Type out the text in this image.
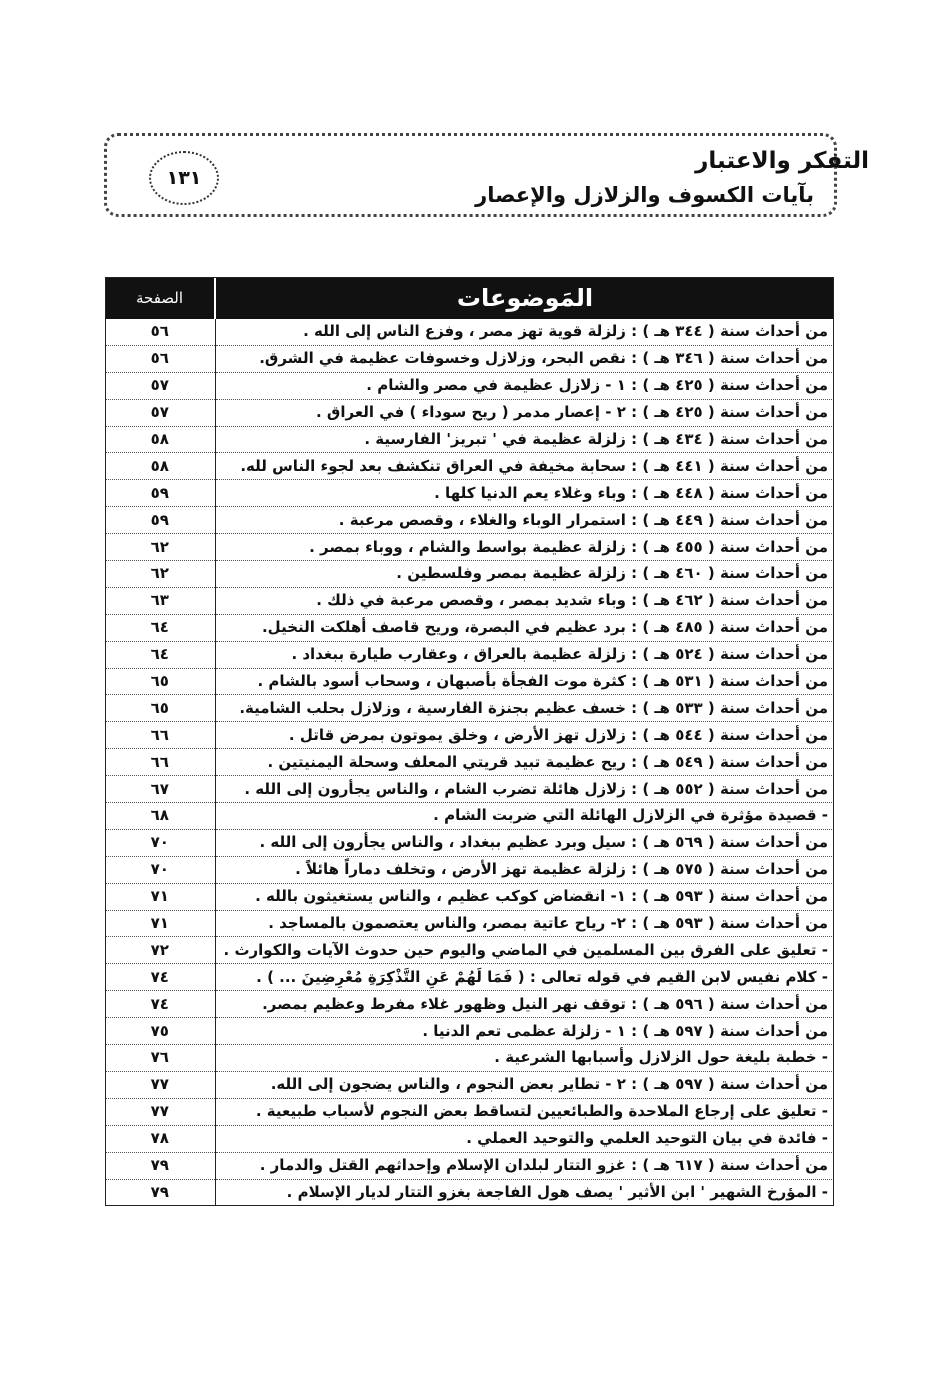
التفكر والاعتبار
بآيات الكسوف والزلازل والإعصار
١٣١
المَوضوعات	الصفحة
من أحداث سنة ( ٣٤٤ هـ ) : زلزلة قوية تهز مصر ، وفزع الناس إلى الله .	٥٦
من أحداث سنة ( ٣٤٦ هـ ) : نقص البحر، وزلازل وخسوفات عظيمة في الشرق.	٥٦
من أحداث سنة ( ٤٢٥ هـ ) : ١ - زلازل عظيمة في مصر والشام .	٥٧
من أحداث سنة ( ٤٢٥ هـ ) : ٢ - إعصار مدمر ( ريح سوداء ) في العراق .	٥٧
من أحداث سنة ( ٤٣٤ هـ ) : زلزلة عظيمة في ' تبريز' الفارسية .	٥٨
من أحداث سنة ( ٤٤١ هـ ) : سحابة مخيفة في العراق تنكشف بعد لجوء الناس لله.	٥٨
من أحداث سنة ( ٤٤٨ هـ ) : وباء وغلاء يعم الدنيا كلها .	٥٩
من أحداث سنة ( ٤٤٩ هـ ) : استمرار الوباء والغلاء ، وقصص مرعبة .	٥٩
من أحداث سنة ( ٤٥٥ هـ ) : زلزلة عظيمة بواسط والشام ، ووباء بمصر .	٦٢
من أحداث سنة ( ٤٦٠ هـ ) : زلزلة عظيمة بمصر وفلسطين .	٦٢
من أحداث سنة ( ٤٦٢ هـ ) : وباء شديد بمصر ، وقصص مرعبة في ذلك .	٦٣
من أحداث سنة ( ٤٨٥ هـ ) : برد عظيم في البصرة، وريح قاصف أهلكت النخيل.	٦٤
من أحداث سنة ( ٥٢٤ هـ ) : زلزلة عظيمة بالعراق ، وعقارب طيارة ببغداد .	٦٤
من أحداث سنة ( ٥٣١ هـ ) : كثرة موت الفجأة بأصبهان ، وسحاب أسود بالشام .	٦٥
من أحداث سنة ( ٥٣٣ هـ ) : خسف عظيم بجنزة الفارسية ، وزلازل بحلب الشامية.	٦٥
من أحداث سنة ( ٥٤٤ هـ ) : زلازل تهز الأرض ، وخلق يموتون بمرض قاتل .	٦٦
من أحداث سنة ( ٥٤٩ هـ ) : ريح عظيمة تبيد قريتي المعلف وسحلة اليمنيتين .	٦٦
من أحداث سنة ( ٥٥٢ هـ ) : زلازل هائلة تضرب الشام ، والناس يجأرون إلى الله .	٦٧
- قصيدة مؤثرة في الزلازل الهائلة التي ضربت الشام .	٦٨
من أحداث سنة ( ٥٦٩ هـ ) : سيل وبرد عظيم ببغداد ، والناس يجأرون إلى الله .	٧٠
من أحداث سنة ( ٥٧٥ هـ ) : زلزلة عظيمة تهز الأرض ، وتخلف دماراً هائلاً .	٧٠
من أحداث سنة ( ٥٩٣ هـ ) : ١- انقضاض كوكب عظيم ، والناس يستغيثون بالله .	٧١
من أحداث سنة ( ٥٩٣ هـ ) : ٢- رياح عاتية بمصر، والناس يعتصمون بالمساجد .	٧١
- تعليق على الفرق بين المسلمين في الماضي واليوم حين حدوث الآيات والكوارث .	٧٢
- كلام نفيس لابن القيم في قوله تعالى : ( فَمَا لَهُمْ عَنِ التَّذْكِرَةِ مُعْرِضِينَ ... ) .	٧٤
من أحداث سنة ( ٥٩٦ هـ ) : توقف نهر النيل وظهور غلاء مفرط وعظيم بمصر.	٧٤
من أحداث سنة ( ٥٩٧ هـ ) : ١ - زلزلة عظمى تعم الدنيا .	٧٥
- خطبة بليغة حول الزلازل وأسبابها الشرعية .	٧٦
من أحداث سنة ( ٥٩٧ هـ ) : ٢ - تطاير بعض النجوم ، والناس يضجون إلى الله.	٧٧
- تعليق على إرجاع الملاحدة والطبائعيين لتساقط بعض النجوم لأسباب طبيعية .	٧٧
- فائدة في بيان التوحيد العلمي والتوحيد العملي .	٧٨
من أحداث سنة ( ٦١٧ هـ ) : غزو التتار لبلدان الإسلام وإحداثهم القتل والدمار .	٧٩
- المؤرخ الشهير ' ابن الأثير ' يصف هول الفاجعة بغزو التتار لديار الإسلام .	٧٩
